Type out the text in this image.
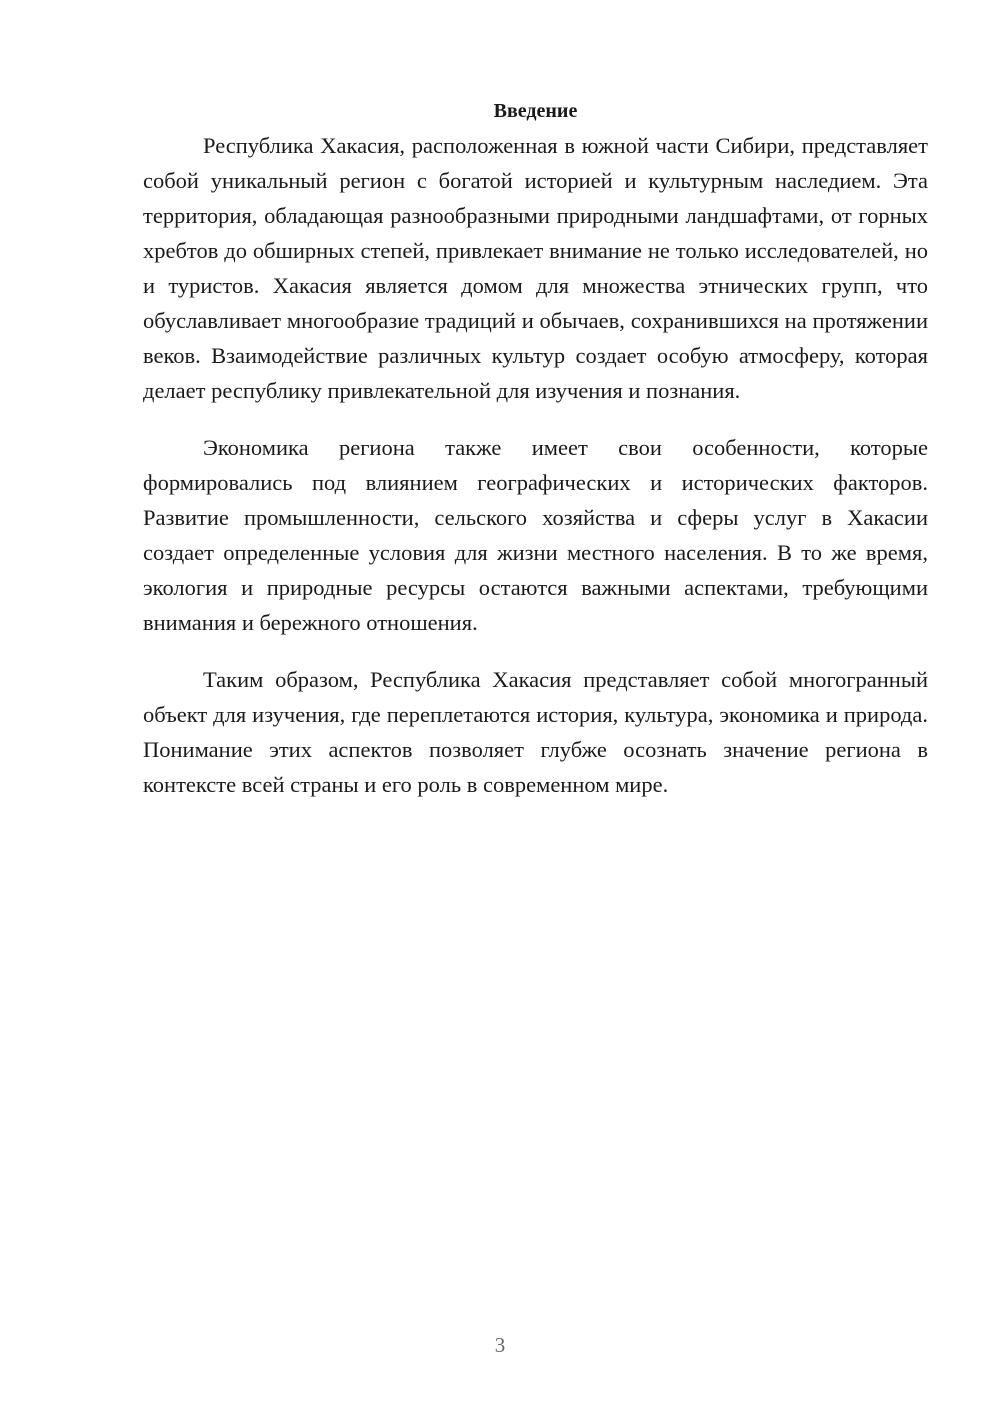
Введение

Республика Хакасия, расположенная в южной части Сибири, представляет собой уникальный регион с богатой историей и культурным наследием. Эта территория, обладающая разнообразными природными ландшафтами, от горных хребтов до обширных степей, привлекает внимание не только исследователей, но и туристов. Хакасия является домом для множества этнических групп, что обуславливает многообразие традиций и обычаев, сохранившихся на протяжении веков. Взаимодействие различных культур создает особую атмосферу, которая делает республику привлекательной для изучения и познания.

Экономика региона также имеет свои особенности, которые формировались под влиянием географических и исторических факторов. Развитие промышленности, сельского хозяйства и сферы услуг в Хакасии создает определенные условия для жизни местного населения. В то же время, экология и природные ресурсы остаются важными аспектами, требующими внимания и бережного отношения.

Таким образом, Республика Хакасия представляет собой многогранный объект для изучения, где переплетаются история, культура, экономика и природа. Понимание этих аспектов позволяет глубже осознать значение региона в контексте всей страны и его роль в современном мире.

3
